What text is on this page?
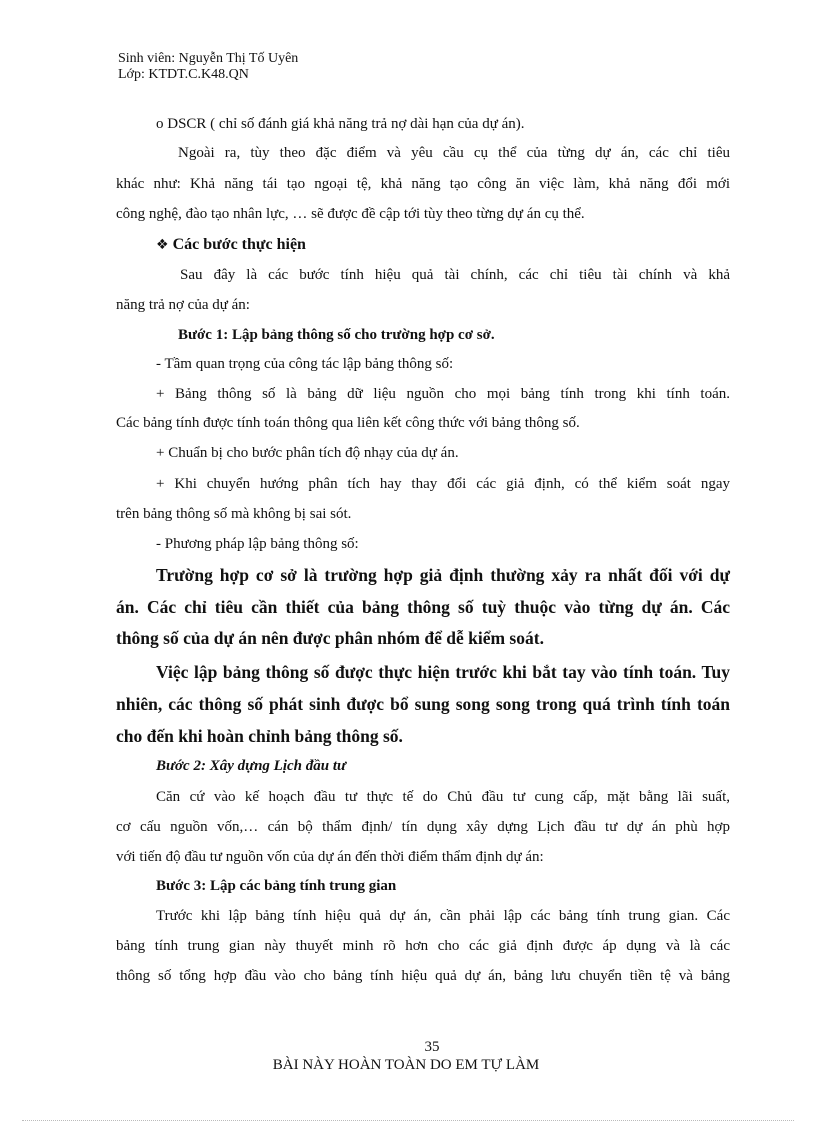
Sinh viên: Nguyễn Thị Tố Uyên
Lớp: KTDT.C.K48.QN
o DSCR ( chỉ số đánh giá khả năng trả nợ dài hạn của dự án).
Ngoài ra, tùy theo đặc điểm và yêu cầu cụ thể của từng dự án, các chỉ tiêu
khác như: Khả năng tái tạo ngoại tệ, khả năng tạo công ăn việc làm, khả năng đổi mới
công nghệ, đào tạo nhân lực, … sẽ được đề cập tới tùy theo từng dự án cụ thể.
❖ Các bước thực hiện
Sau đây là các bước tính hiệu quả tài chính, các chỉ tiêu tài chính và khả
năng trả nợ của dự án:
Bước 1: Lập bảng thông số cho trường hợp cơ sở.
- Tầm quan trọng của công tác lập bảng thông số:
+ Bảng thông số là bảng dữ liệu nguồn cho mọi bảng tính trong khi tính toán.
Các bảng tính được tính toán thông qua liên kết công thức với bảng thông số.
+ Chuẩn bị cho bước phân tích độ nhạy của dự án.
+ Khi chuyển hướng phân tích hay thay đổi các giả định, có thể kiểm soát ngay
trên bảng thông số mà không bị sai sót.
- Phương pháp lập bảng thông số:
Trường hợp cơ sở là trường hợp giả định thường xảy ra nhất đối với dự
án. Các chỉ tiêu cần thiết của bảng thông số tuỳ thuộc vào từng dự án. Các
thông số của dự án nên được phân nhóm để dễ kiểm soát.
Việc lập bảng thông số được thực hiện trước khi bắt tay vào tính toán. Tuy
nhiên, các thông số phát sinh được bổ sung song song trong quá trình tính toán
cho đến khi hoàn chỉnh bảng thông số.
Bước 2: Xây dựng Lịch đầu tư
Căn cứ vào kế hoạch đầu tư thực tế do Chủ đầu tư cung cấp, mặt bằng lãi suất,
cơ cấu nguồn vốn,… cán bộ thẩm định/ tín dụng xây dựng Lịch đầu tư dự án phù hợp
với tiến độ đầu tư nguồn vốn của dự án đến thời điểm thẩm định dự án:
Bước 3: Lập các bảng tính trung gian
Trước khi lập bảng tính hiệu quả dự án, cần phải lập các bảng tính trung gian. Các
bảng tính trung gian này thuyết minh rõ hơn cho các giả định được áp dụng và là các
thông số tổng hợp đầu vào cho bảng tính hiệu quả dự án, bảng lưu chuyển tiền tệ và bảng
35
BÀI NÀY HOÀN TOÀN DO EM TỰ LÀM
